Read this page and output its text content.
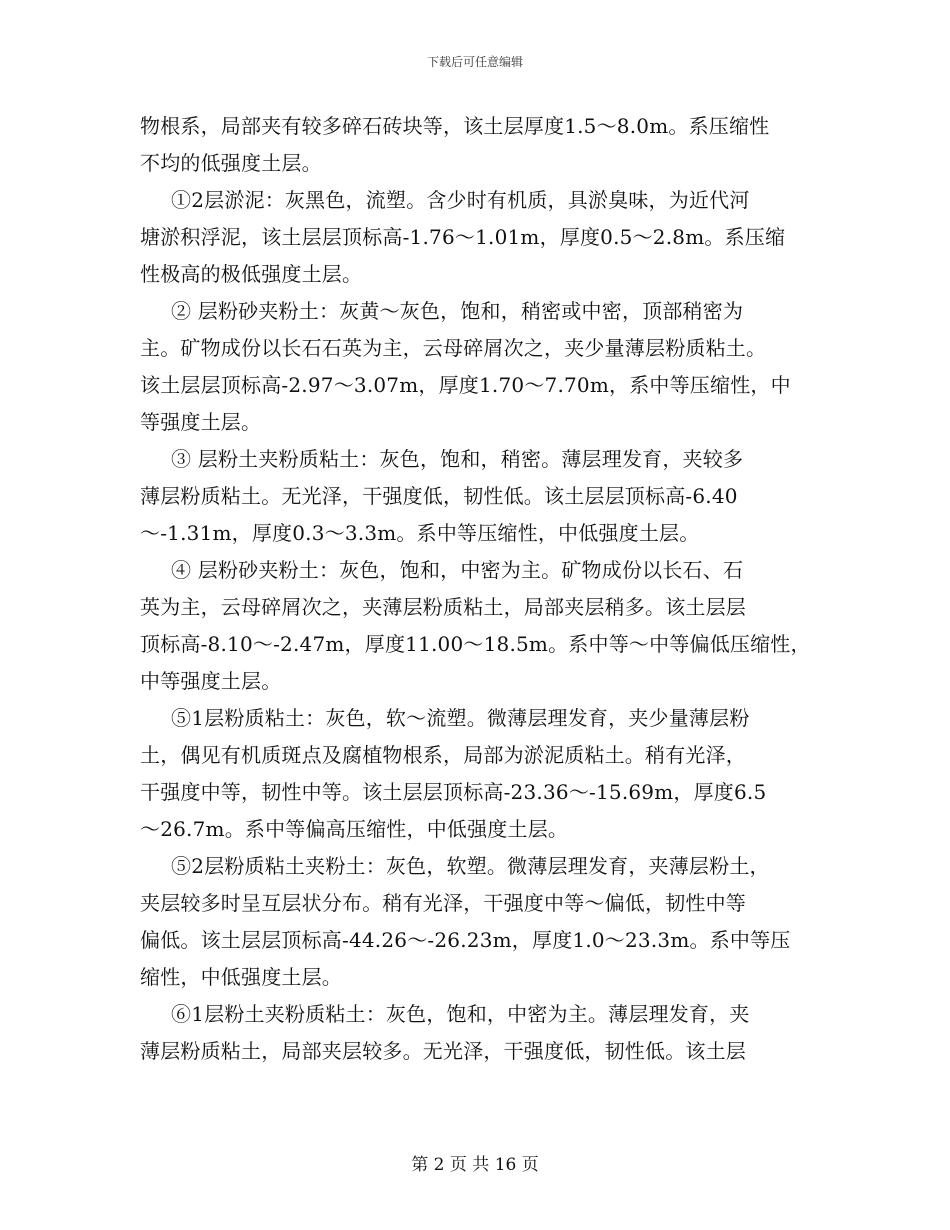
下载后可任意编辑
物根系，局部夹有较多碎石砖块等，该土层厚度1.5～8.0m。系压缩性
不均的低强度土层。
①2层淤泥：灰黑色，流塑。含少时有机质，具淤臭味，为近代河
塘淤积浮泥，该土层层顶标高-1.76～1.01m，厚度0.5～2.8m。系压缩
性极高的极低强度土层。
② 层粉砂夹粉土：灰黄～灰色，饱和，稍密或中密，顶部稍密为
主。矿物成份以长石石英为主，云母碎屑次之，夹少量薄层粉质粘土。
该土层层顶标高-2.97～3.07m，厚度1.70～7.70m，系中等压缩性，中
等强度土层。
③ 层粉土夹粉质粘土：灰色，饱和，稍密。薄层理发育，夹较多
薄层粉质粘土。无光泽，干强度低，韧性低。该土层层顶标高-6.40
～-1.31m，厚度0.3～3.3m。系中等压缩性，中低强度土层。
④ 层粉砂夹粉土：灰色，饱和，中密为主。矿物成份以长石、石
英为主，云母碎屑次之，夹薄层粉质粘土，局部夹层稍多。该土层层
顶标高-8.10～-2.47m，厚度11.00～18.5m。系中等～中等偏低压缩性，
中等强度土层。
⑤1层粉质粘土：灰色，软～流塑。微薄层理发育，夹少量薄层粉
土，偶见有机质斑点及腐植物根系，局部为淤泥质粘土。稍有光泽，
干强度中等，韧性中等。该土层层顶标高-23.36～-15.69m，厚度6.5
～26.7m。系中等偏高压缩性，中低强度土层。
⑤2层粉质粘土夹粉土：灰色，软塑。微薄层理发育，夹薄层粉土，
夹层较多时呈互层状分布。稍有光泽，干强度中等～偏低，韧性中等
偏低。该土层层顶标高-44.26～-26.23m，厚度1.0～23.3m。系中等压
缩性，中低强度土层。
⑥1层粉土夹粉质粘土：灰色，饱和，中密为主。薄层理发育，夹
薄层粉质粘土，局部夹层较多。无光泽，干强度低，韧性低。该土层
第 2 页 共 16 页
